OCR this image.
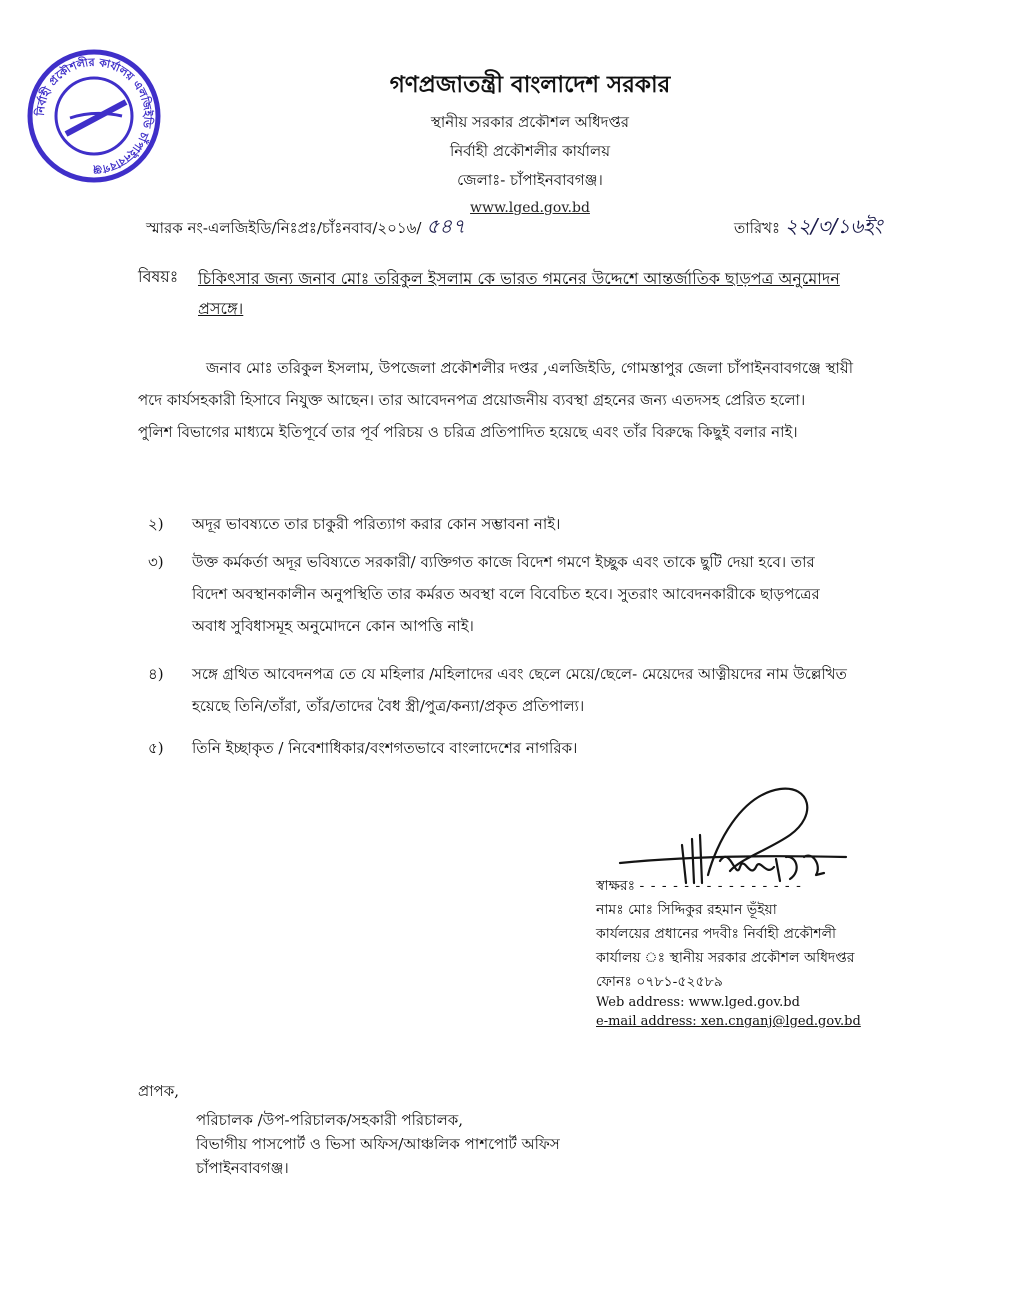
নির্বাহী প্রকৌশলীর কার্যালয় এলজিইডি চাঁপাইনবাবগঞ্জ
গণপ্রজাতন্ত্রী বাংলাদেশ সরকার
স্থানীয় সরকার প্রকৌশল অধিদপ্তর
নির্বাহী প্রকৌশলীর কার্যালয়
জেলাঃ- চাঁপাইনবাবগঞ্জ।
www.lged.gov.bd
স্মারক নং-এলজিইডি/নিঃপ্রঃ/চাঁঃনবাব/২০১৬/ ৫৪৭	তারিখঃ ২২/৩/১৬ইং
বিষয়ঃ চিকিৎসার জন্য জনাব মোঃ তরিকুল ইসলাম কে ভারত গমনের উদ্দেশে আন্তর্জাতিক ছাড়পত্র অনুমোদন
প্রসঙ্গে।
জনাব মোঃ তরিকুল ইসলাম, উপজেলা প্রকৌশলীর দপ্তর ,এলজিইডি, গোমস্তাপুর জেলা চাঁপাইনবাবগঞ্জে স্থায়ী
পদে কার্যসহকারী হিসাবে নিযুক্ত আছেন। তার আবেদনপত্র প্রয়োজনীয় ব্যবস্থা গ্রহনের জন্য এতদসহ প্রেরিত হলো।
পুলিশ বিভাগের মাধ্যমে ইতিপূর্বে তার পূর্ব পরিচয় ও চরিত্র প্রতিপাদিত হয়েছে এবং তাঁর বিরুদ্ধে কিছুই বলার নাই।
২) অদূর ভাবষ্যতে তার চাকুরী পরিত্যাগ করার কোন সম্ভাবনা নাই।
৩) উক্ত কর্মকর্তা অদূর ভবিষ্যতে সরকারী/ ব্যক্তিগত কাজে বিদেশ গমণে ইচ্ছুক এবং তাকে ছুটি দেয়া হবে। তার
বিদেশ অবস্থানকালীন অনুপস্থিতি তার কর্মরত অবস্থা বলে বিবেচিত হবে। সুতরাং আবেদনকারীকে ছাড়পত্রের
অবাধ সুবিধাসমূহ অনুমোদনে কোন আপত্তি নাই।
৪) সঙ্গে গ্রথিত আবেদনপত্র তে যে মহিলার /মহিলাদের এবং ছেলে মেয়ে/ছেলে- মেয়েদের আত্নীয়দের নাম উল্লেখিত
হয়েছে তিনি/তাঁরা, তাঁর/তাদের বৈধ স্ত্রী/পুত্র/কন্যা/প্রকৃত প্রতিপাল্য।
৫) তিনি ইচ্ছাকৃত / নিবেশাধিকার/বংশগতভাবে বাংলাদেশের নাগরিক।
স্বাক্ষরঃ - - - - - - - - - - - - - - -
নামঃ মোঃ সিদ্দিকুর রহমান ভূঁইয়া
কার্যলয়ের প্রধানের পদবীঃ নির্বাহী প্রকৌশলী
কার্যালয় ঃ স্থানীয় সরকার প্রকৌশল অধিদপ্তর
ফোনঃ ০৭৮১-৫২৫৮৯
Web address: www.lged.gov.bd
e-mail address: xen.cnganj@lged.gov.bd
প্রাপক,
পরিচালক /উপ-পরিচালক/সহকারী পরিচালক,
বিভাগীয় পাসপোর্ট ও ভিসা অফিস/আঞ্চলিক পাশপোর্ট অফিস
চাঁপাইনবাবগঞ্জ।
